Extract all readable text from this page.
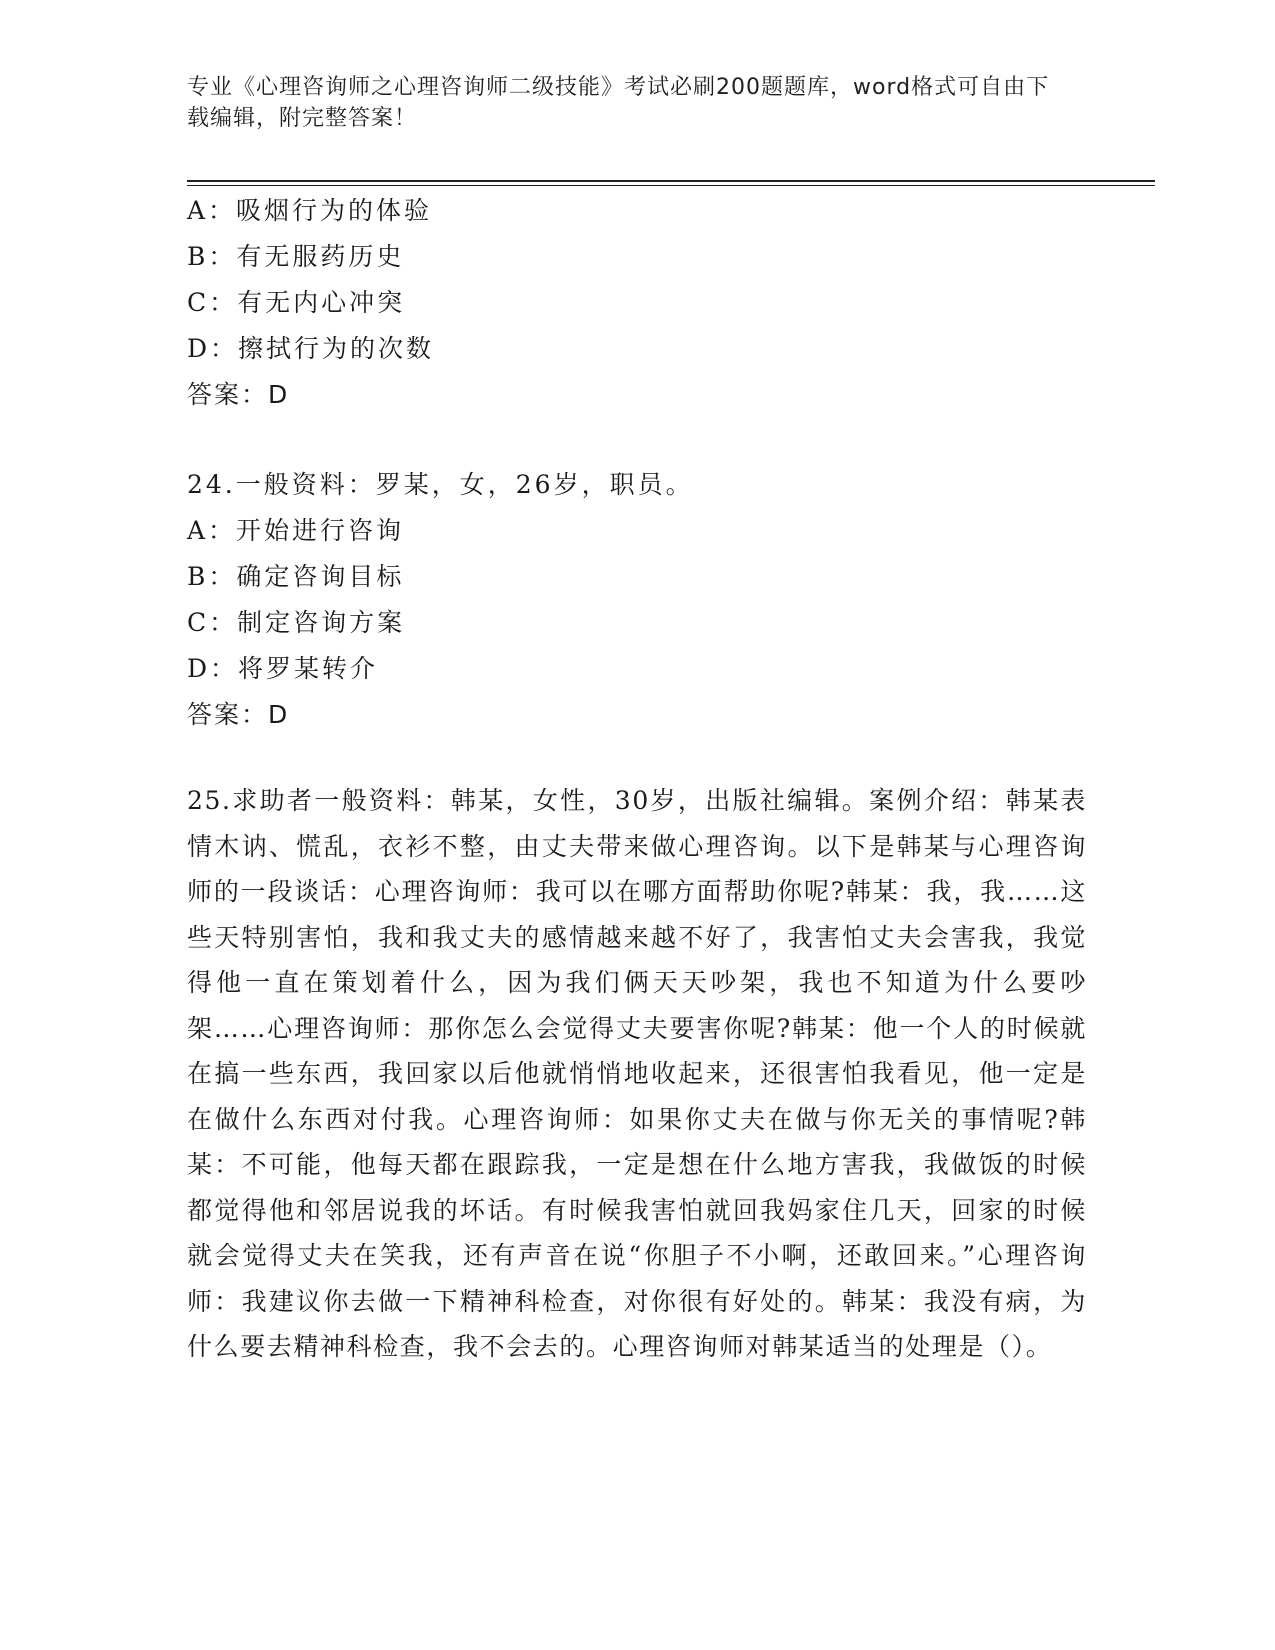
专业《心理咨询师之心理咨询师二级技能》考试必刷200题题库，word格式可自由下载编辑，附完整答案！
A：吸烟行为的体验
B：有无服药历史
C：有无内心冲突
D：擦拭行为的次数
答案：D
24.一般资料：罗某，女，26岁，职员。
A：开始进行咨询
B：确定咨询目标
C：制定咨询方案
D：将罗某转介
答案：D
25.求助者一般资料：韩某，女性，30岁，出版社编辑。案例介绍：韩某表情木讷、慌乱，衣衫不整，由丈夫带来做心理咨询。以下是韩某与心理咨询师的一段谈话：心理咨询师：我可以在哪方面帮助你呢?韩某：我，我……这些天特别害怕，我和我丈夫的感情越来越不好了，我害怕丈夫会害我，我觉得他一直在策划着什么，因为我们俩天天吵架，我也不知道为什么要吵架……心理咨询师：那你怎么会觉得丈夫要害你呢?韩某：他一个人的时候就在搞一些东西，我回家以后他就悄悄地收起来，还很害怕我看见，他一定是在做什么东西对付我。心理咨询师：如果你丈夫在做与你无关的事情呢?韩某：不可能，他每天都在跟踪我，一定是想在什么地方害我，我做饭的时候都觉得他和邻居说我的坏话。有时候我害怕就回我妈家住几天，回家的时候就会觉得丈夫在笑我，还有声音在说“你胆子不小啊，还敢回来。”心理咨询师：我建议你去做一下精神科检查，对你很有好处的。韩某：我没有病，为什么要去精神科检查，我不会去的。心理咨询师对韩某适当的处理是（）。
